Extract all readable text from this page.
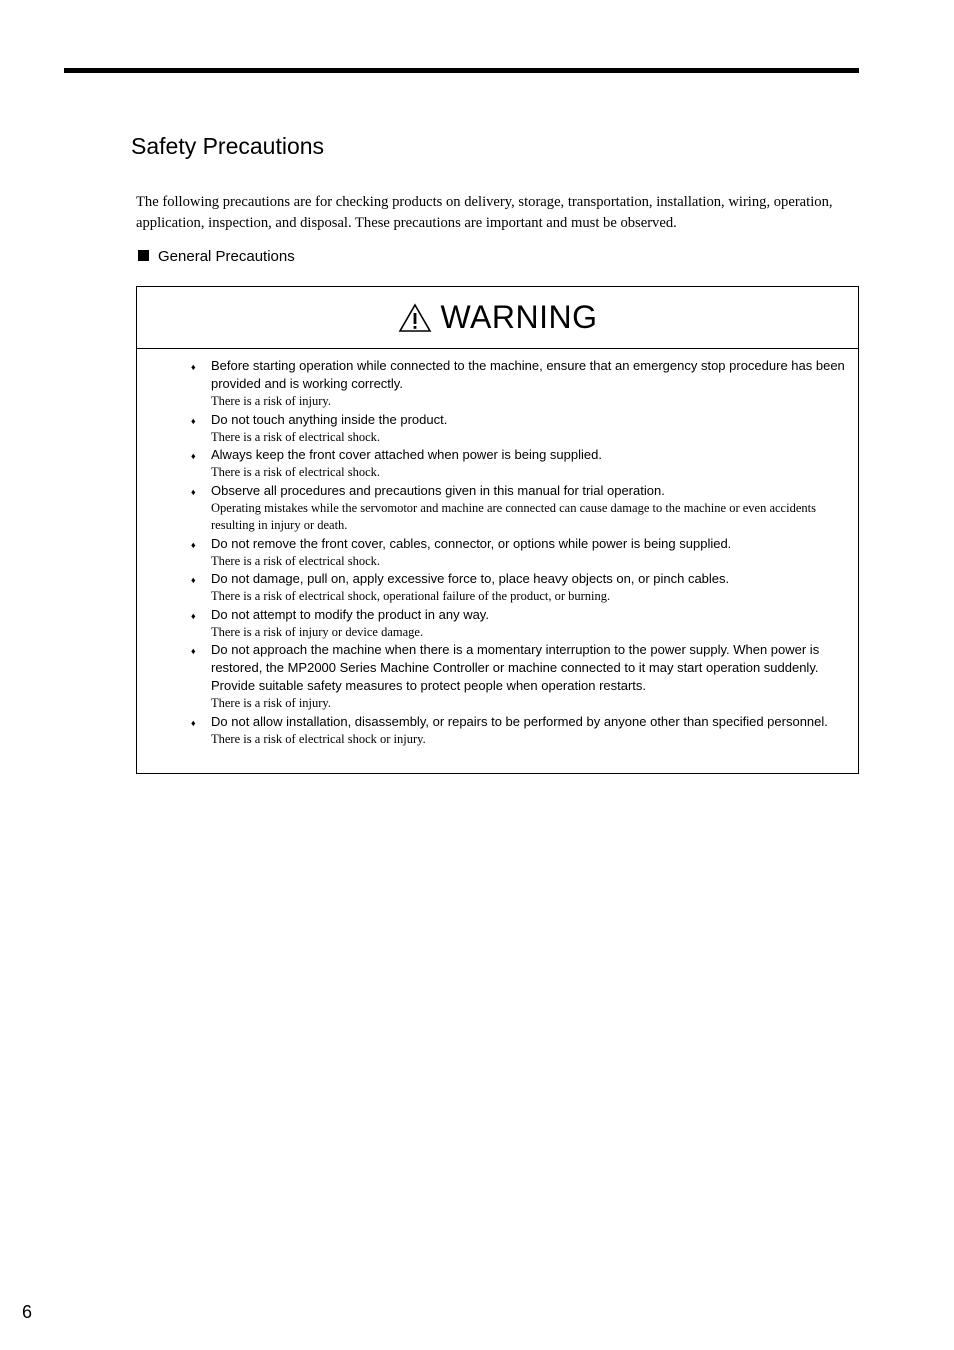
Safety Precautions
The following precautions are for checking products on delivery, storage, transportation, installation, wiring, operation, application, inspection, and disposal. These precautions are important and must be observed.
General Precautions
WARNING
♦ Before starting operation while connected to the machine, ensure that an emergency stop procedure has been provided and is working correctly.
There is a risk of injury.
♦ Do not touch anything inside the product.
There is a risk of electrical shock.
♦ Always keep the front cover attached when power is being supplied.
There is a risk of electrical shock.
♦ Observe all procedures and precautions given in this manual for trial operation.
Operating mistakes while the servomotor and machine are connected can cause damage to the machine or even accidents resulting in injury or death.
♦ Do not remove the front cover, cables, connector, or options while power is being supplied.
There is a risk of electrical shock.
♦ Do not damage, pull on, apply excessive force to, place heavy objects on, or pinch cables.
There is a risk of electrical shock, operational failure of the product, or burning.
♦ Do not attempt to modify the product in any way.
There is a risk of injury or device damage.
♦ Do not approach the machine when there is a momentary interruption to the power supply. When power is restored, the MP2000 Series Machine Controller or machine connected to it may start operation suddenly. Provide suitable safety measures to protect people when operation restarts.
There is a risk of injury.
♦ Do not allow installation, disassembly, or repairs to be performed by anyone other than specified personnel.
There is a risk of electrical shock or injury.
6
